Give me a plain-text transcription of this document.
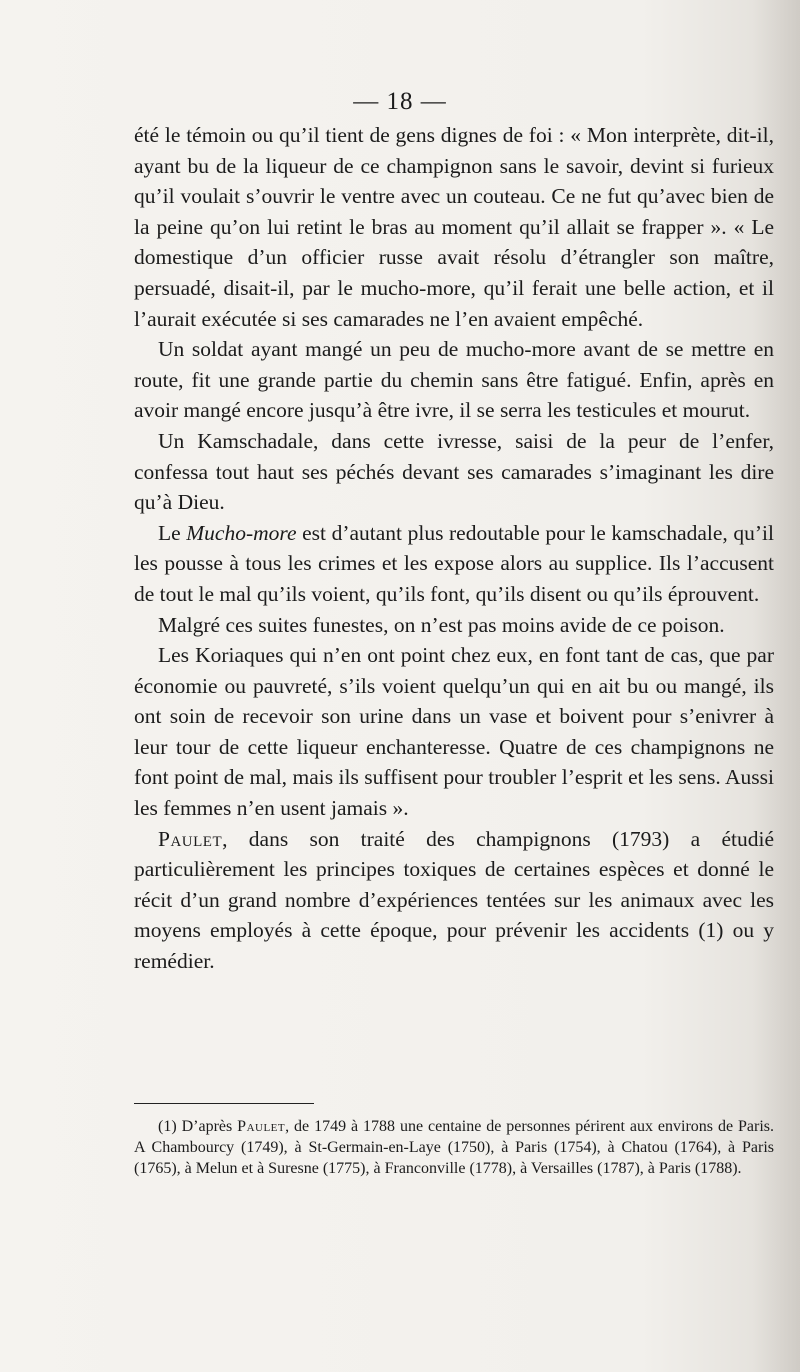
— 18 —

été le témoin ou qu’il tient de gens dignes de foi : « Mon interprète, dit-il, ayant bu de la liqueur de ce champignon sans le savoir, devint si furieux qu’il voulait s’ouvrir le ventre avec un couteau. Ce ne fut qu’avec bien de la peine qu’on lui retint le bras au moment qu’il allait se frapper ». « Le domestique d’un officier russe avait résolu d’étrangler son maître, persuadé, disait-il, par le mucho-more, qu’il ferait une belle action, et il l’aurait exécutée si ses camarades ne l’en avaient empêché.

Un soldat ayant mangé un peu de mucho-more avant de se mettre en route, fit une grande partie du chemin sans être fatigué. Enfin, après en avoir mangé encore jusqu’à être ivre, il se serra les testicules et mourut.

Un Kamschadale, dans cette ivresse, saisi de la peur de l’enfer, confessa tout haut ses péchés devant ses camarades s’imaginant les dire qu’à Dieu.

Le Mucho-more est d’autant plus redoutable pour le kamschadale, qu’il les pousse à tous les crimes et les expose alors au supplice. Ils l’accusent de tout le mal qu’ils voient, qu’ils font, qu’ils disent ou qu’ils éprouvent.

Malgré ces suites funestes, on n’est pas moins avide de ce poison.

Les Koriaques qui n’en ont point chez eux, en font tant de cas, que par économie ou pauvreté, s’ils voient quelqu’un qui en ait bu ou mangé, ils ont soin de recevoir son urine dans un vase et boivent pour s’enivrer à leur tour de cette liqueur enchanteresse. Quatre de ces champignons ne font point de mal, mais ils suffisent pour troubler l’esprit et les sens. Aussi les femmes n’en usent jamais ».

Paulet, dans son traité des champignons (1793) a étudié particulièrement les principes toxiques de certaines espèces et donné le récit d’un grand nombre d’expériences tentées sur les animaux avec les moyens employés à cette époque, pour prévenir les accidents (1) ou y remédier.

(1) D’après Paulet, de 1749 à 1788 une centaine de personnes périrent aux environs de Paris. A Chambourcy (1749), à St-Germain-en-Laye (1750), à Paris (1754), à Chatou (1764), à Paris (1765), à Melun et à Suresne (1775), à Franconville (1778), à Versailles (1787), à Paris (1788).
